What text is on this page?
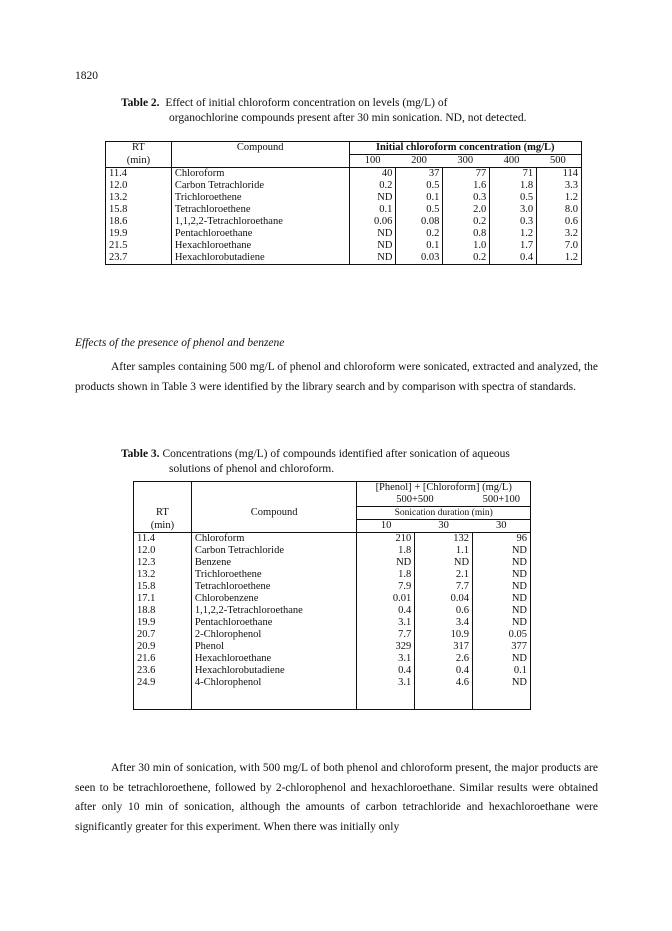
1820
Table 2. Effect of initial chloroform concentration on levels (mg/L) of
organochlorine compounds present after 30 min sonication. ND, not detected.
RT	Compound	Initial chloroform concentration (mg/L)				
(min)		100 200 300 400 500				

11.4	Chloroform	40	37	77	71	114
12.0	Carbon Tetrachloride	0.2	0.5	1.6	1.8	3.3
13.2	Trichloroethene	ND	0.1	0.3	0.5	1.2
15.8	Tetrachloroethene	0.1	0.5	2.0	3.0	8.0
18.6	1,1,2,2-Tetrachloroethane	0.06	0.08	0.2	0.3	0.6
19.9	Pentachloroethane	ND	0.2	0.8	1.2	3.2
21.5	Hexachloroethane	ND	0.1	1.0	1.7	7.0
23.7	Hexachlorobutadiene	ND	0.03	0.2	0.4	1.2
Effects of the presence of phenol and benzene
After samples containing 500 mg/L of phenol and chloroform were sonicated, extracted and analyzed, the products shown in Table 3 were identified by the library search and by comparison with spectra of standards.
Table 3. Concentrations (mg/L) of compounds identified after sonication of aqueous
solutions of phenol and chloroform.
		[Phenol] + [Chloroform] (mg/L)		
		500+500		500+100
RT	Compound	Sonication duration (min)		
(min)		10	30	30
11.4	Chloroform	210	132	96
12.0	Carbon Tetrachloride	1.8	1.1	ND
12.3	Benzene	ND	ND	ND
13.2	Trichloroethene	1.8	2.1	ND
15.8	Tetrachloroethene	7.9	7.7	ND
17.1	Chlorobenzene	0.01	0.04	ND
18.8	1,1,2,2-Tetrachloroethane	0.4	0.6	ND
19.9	Pentachloroethane	3.1	3.4	ND
20.7	2-Chlorophenol	7.7	10.9	0.05
20.9	Phenol	329	317	377
21.6	Hexachloroethane	3.1	2.6	ND
23.6	Hexachlorobutadiene	0.4	0.4	0.1
24.9	4-Chlorophenol	3.1	4.6	ND

After 30 min of sonication, with 500 mg/L of both phenol and chloroform present, the major products are seen to be tetrachloroethene, followed by 2-chlorophenol and hexachloroethane. Similar results were obtained after only 10 min of sonication, although the amounts of carbon tetrachloride and hexachloroethane were significantly greater for this experiment. When there was initially only
